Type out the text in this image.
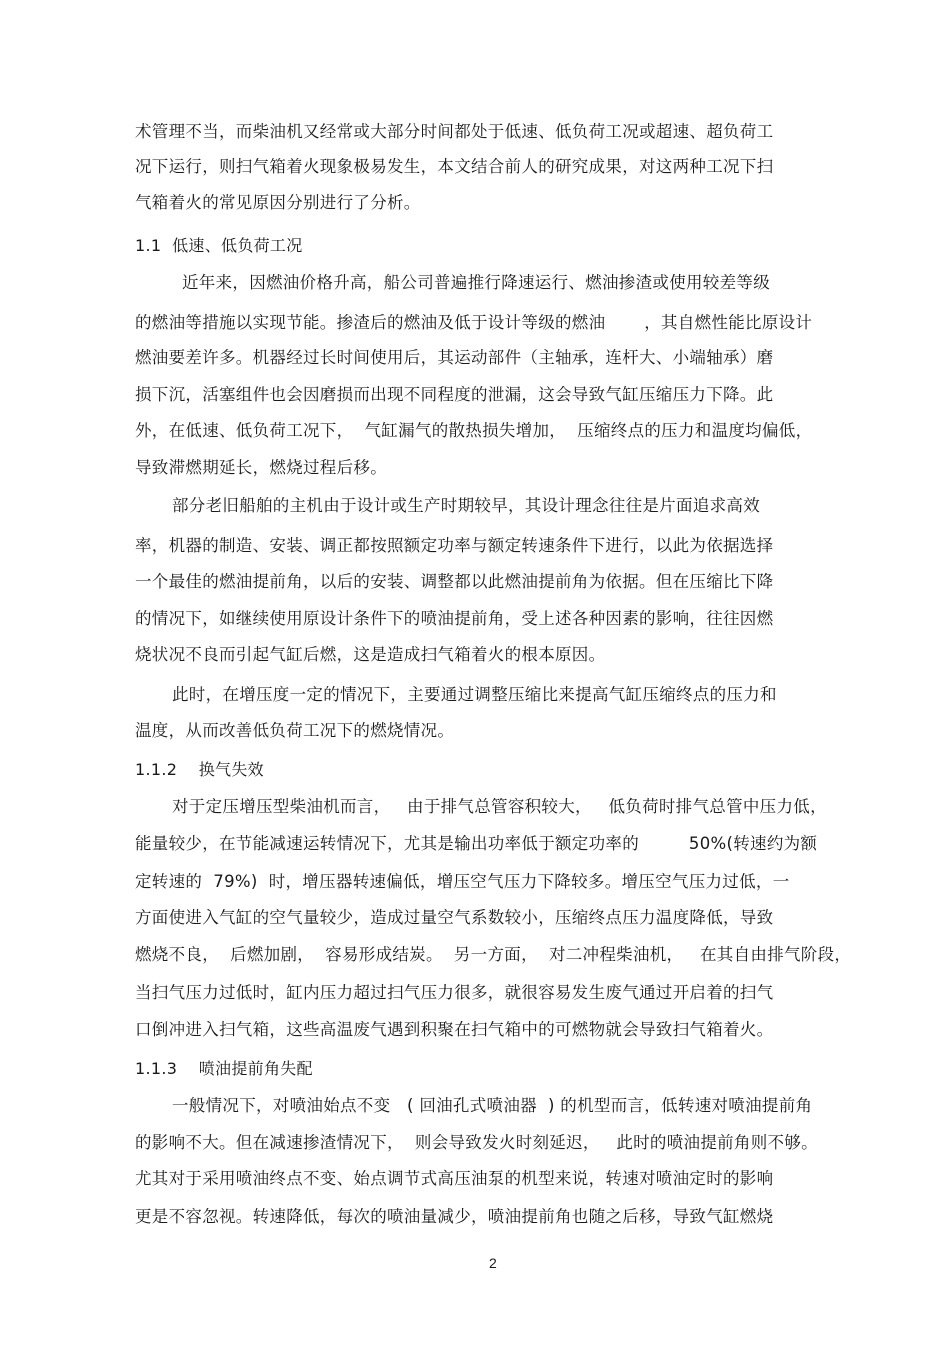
术管理不当，而柴油机又经常或大部分时间都处于低速、低负荷工况或超速、超负荷工
况下运行，则扫气箱着火现象极易发生，本文结合前人的研究成果，对这两种工况下扫
气箱着火的常见原因分别进行了分析。
1.1  低速、低负荷工况
近年来，因燃油价格升高，船公司普遍推行降速运行、燃油掺渣或使用较差等级
的燃油等措施以实现节能。掺渣后的燃油及低于设计等级的燃油       ，其自燃性能比原设计
燃油要差许多。机器经过长时间使用后，其运动部件（主轴承，连杆大、小端轴承）磨
损下沉，活塞组件也会因磨损而出现不同程度的泄漏，这会导致气缸压缩压力下降。此
外，在低速、低负荷工况下，  气缸漏气的散热损失增加，  压缩终点的压力和温度均偏低，
导致滞燃期延长，燃烧过程后移。
部分老旧船舶的主机由于设计或生产时期较早，其设计理念往往是片面追求高效
率，机器的制造、安装、调正都按照额定功率与额定转速条件下进行，以此为依据选择
一个最佳的燃油提前角，以后的安装、调整都以此燃油提前角为依据。但在压缩比下降
的情况下，如继续使用原设计条件下的喷油提前角，受上述各种因素的影响，往往因燃
烧状况不良而引起气缸后燃，这是造成扫气箱着火的根本原因。
此时，在增压度一定的情况下，主要通过调整压缩比来提高气缸压缩终点的压力和
温度，从而改善低负荷工况下的燃烧情况。
1.1.2    换气失效
对于定压增压型柴油机而言，   由于排气总管容积较大，   低负荷时排气总管中压力低，
能量较少，在节能减速运转情况下，尤其是输出功率低于额定功率的         50%(转速约为额
定转速的  79%)  时，增压器转速偏低，增压空气压力下降较多。增压空气压力过低，一
方面使进入气缸的空气量较少，造成过量空气系数较小，压缩终点压力温度降低，导致
燃烧不良，  后燃加剧，  容易形成结炭。  另一方面，  对二冲程柴油机，   在其自由排气阶段，
当扫气压力过低时，缸内压力超过扫气压力很多，就很容易发生废气通过开启着的扫气
口倒冲进入扫气箱，这些高温废气遇到积聚在扫气箱中的可燃物就会导致扫气箱着火。
1.1.3    喷油提前角失配
一般情况下，对喷油始点不变   ( 回油孔式喷油器  ) 的机型而言，低转速对喷油提前角
的影响不大。但在减速掺渣情况下，  则会导致发火时刻延迟，   此时的喷油提前角则不够。
尤其对于采用喷油终点不变、始点调节式高压油泵的机型来说，转速对喷油定时的影响
更是不容忽视。转速降低，每次的喷油量减少，喷油提前角也随之后移，导致气缸燃烧
2
